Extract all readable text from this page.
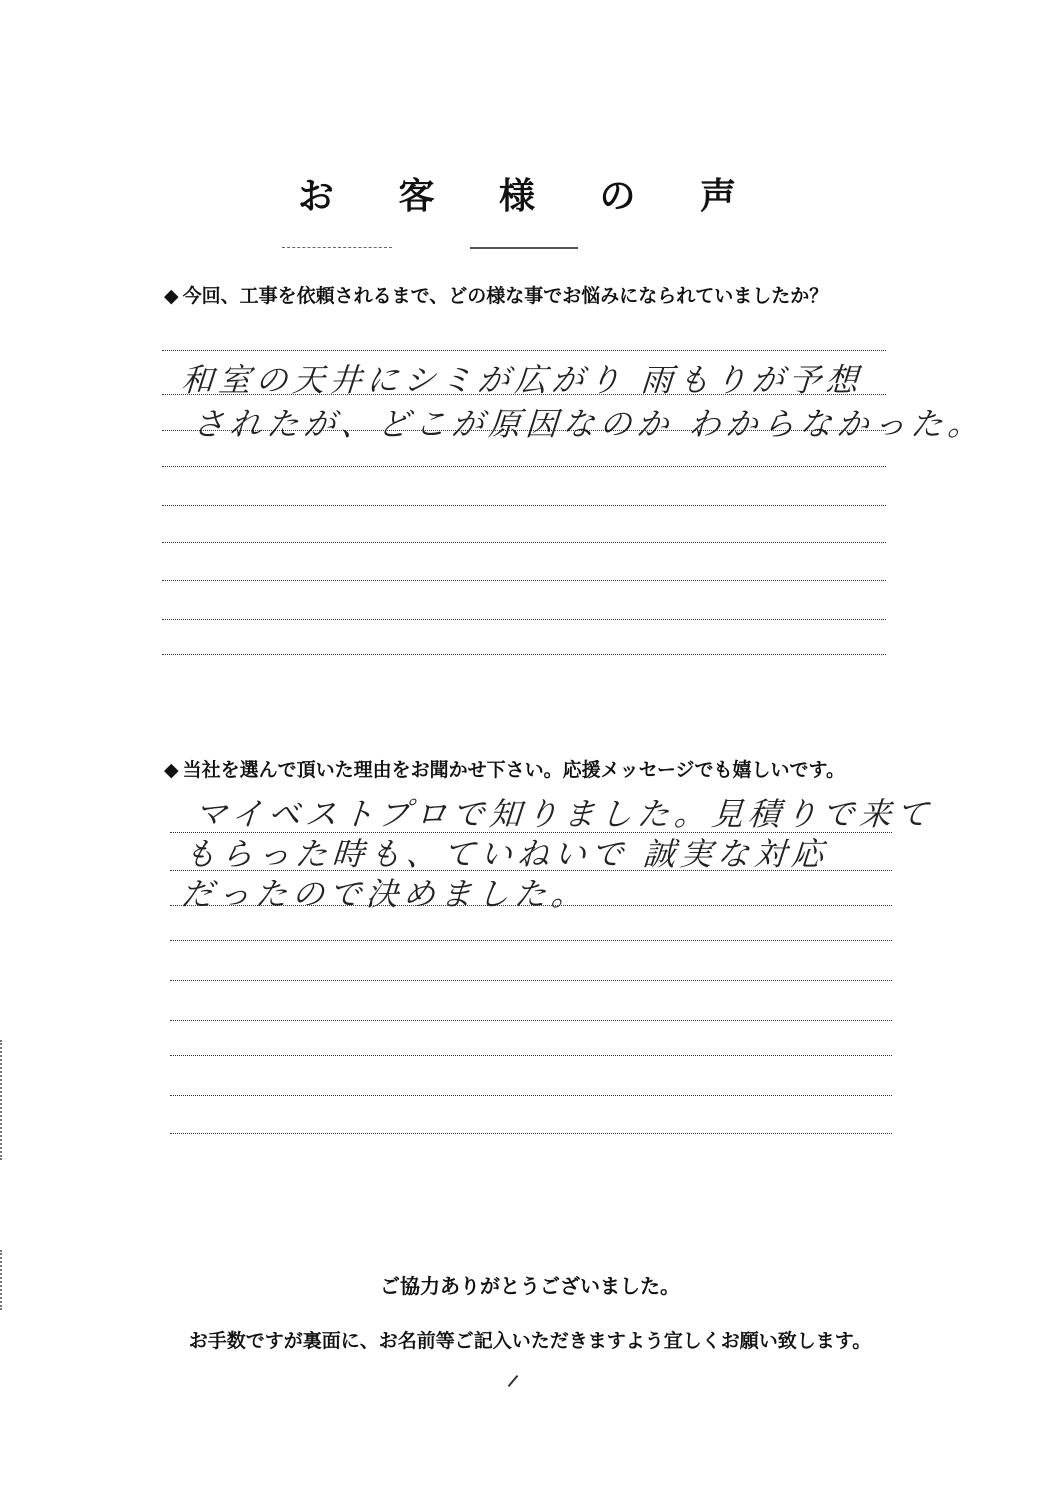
お 客 様 の 声
◆ 今回、工事を依頼されるまで、どの様な事でお悩みになられていましたか？
和室の天井にシミが広がり 雨もりが予想
されたが、どこが原因なのか わからなかった。
◆ 当社を選んで頂いた理由をお聞かせ下さい。応援メッセージでも嬉しいです。
マイベストプロで知りました。見積りで来て
もらった時も、ていねいで 誠実な対応
だったので決めました。
ご協力ありがとうございました。
お手数ですが裏面に、お名前等ご記入いただきますよう宜しくお願い致します。
